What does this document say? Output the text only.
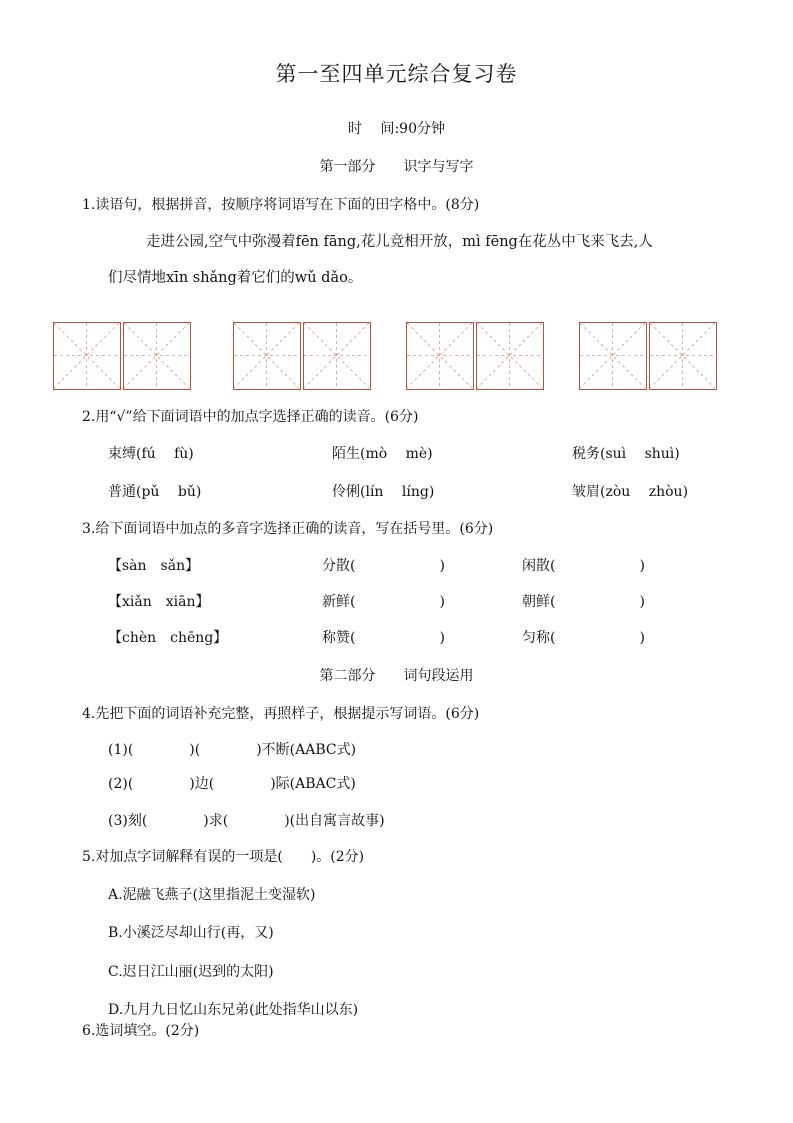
第一至四单元综合复习卷
时　 间:90分钟
第一部分　　识字与写字
1.读语句，根据拼音，按顺序将词语写在下面的田字格中。(8分)
走进公园,空气中弥漫着fēn fāng,花儿竞相开放，mì fēng在花丛中飞来飞去,人
们尽情地xīn shǎng着它们的wǔ dǎo。
2.用“√”给下面词语中的加点字选择正确的读音。(6分)
束缚(fú　 fù)	陌生(mò　 mè)	税务(suì　 shuì)
普通(pǔ　 bǔ)	伶俐(lín　 líng)	皱眉(zòu　 zhòu)
3.给下面词语中加点的多音字选择正确的读音，写在括号里。(6分)
【sàn　sǎn】	分散(　　　　　　)	闲散(　　　　　　)
【xiǎn　xiān】	新鲜(　　　　　　)	朝鲜(　　　　　　)
【chèn　chēng】	称赞(　　　　　　)	匀称(　　　　　　)
第二部分　　词句段运用
4.先把下面的词语补充完整，再照样子，根据提示写词语。(6分)
(1)(　　　　)(　　　　)不断(AABC式)
(2)(　　　　)边(　　　　)际(ABAC式)
(3)刻(　　　　)求(　　　　)(出自寓言故事)
5.对加点字词解释有误的一项是(　　)。(2分)
A.泥融飞燕子(这里指泥土变湿软)
B.小溪泛尽却山行(再，又)
C.迟日江山丽(迟到的太阳)
D.九月九日忆山东兄弟(此处指华山以东)
6.选词填空。(2分)
